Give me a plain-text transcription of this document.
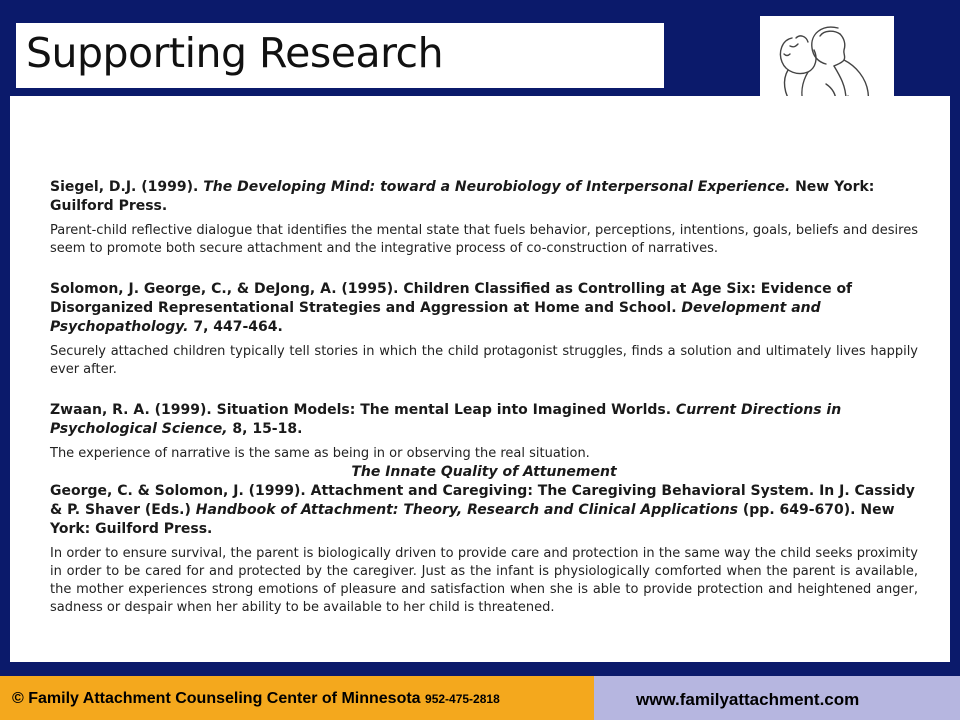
Supporting Research

Siegel, D.J. (1999). The Developing Mind: toward a Neurobiology of Interpersonal Experience. New York: Guilford Press.

Parent-child reflective dialogue that identifies the mental state that fuels behavior, perceptions, intentions, goals, beliefs and desires seem to promote both secure attachment and the integrative process of co-construction of narratives.

Solomon, J. George, C., & DeJong, A. (1995). Children Classified as Controlling at Age Six: Evidence of Disorganized Representational Strategies and Aggression at Home and School. Development and Psychopathology. 7, 447-464.

Securely attached children typically tell stories in which the child protagonist struggles, finds a solution and ultimately lives happily ever after.

Zwaan, R. A. (1999). Situation Models: The mental Leap into Imagined Worlds. Current Directions in Psychological Science, 8, 15-18.

The experience of narrative is the same as being in or observing the real situation.

The Innate Quality of Attunement

George, C. & Solomon, J. (1999). Attachment and Caregiving: The Caregiving Behavioral System. In J. Cassidy & P. Shaver (Eds.) Handbook of Attachment: Theory, Research and Clinical Applications (pp. 649-670). New York: Guilford Press.

In order to ensure survival, the parent is biologically driven to provide care and protection in the same way the child seeks proximity in order to be cared for and protected by the caregiver. Just as the infant is physiologically comforted when the parent is available, the mother experiences strong emotions of pleasure and satisfaction when she is able to provide protection and heightened anger, sadness or despair when her ability to be available to her child is threatened.

© Family Attachment Counseling Center of Minnesota 952-475-2818	www.familyattachment.com
